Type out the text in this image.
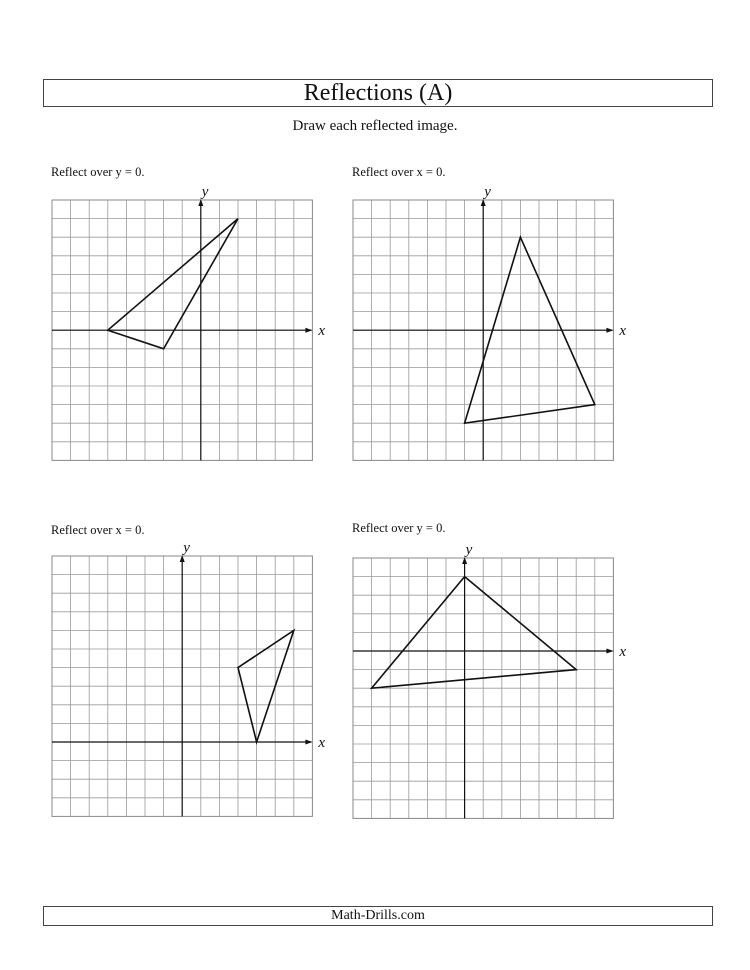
Reflections (A)
Draw each reflected image.
Reflect over y = 0.
x
y
Reflect over x = 0.
x
y
Reflect over x = 0.
x
y
Reflect over y = 0.
x
y
Math-Drills.com
